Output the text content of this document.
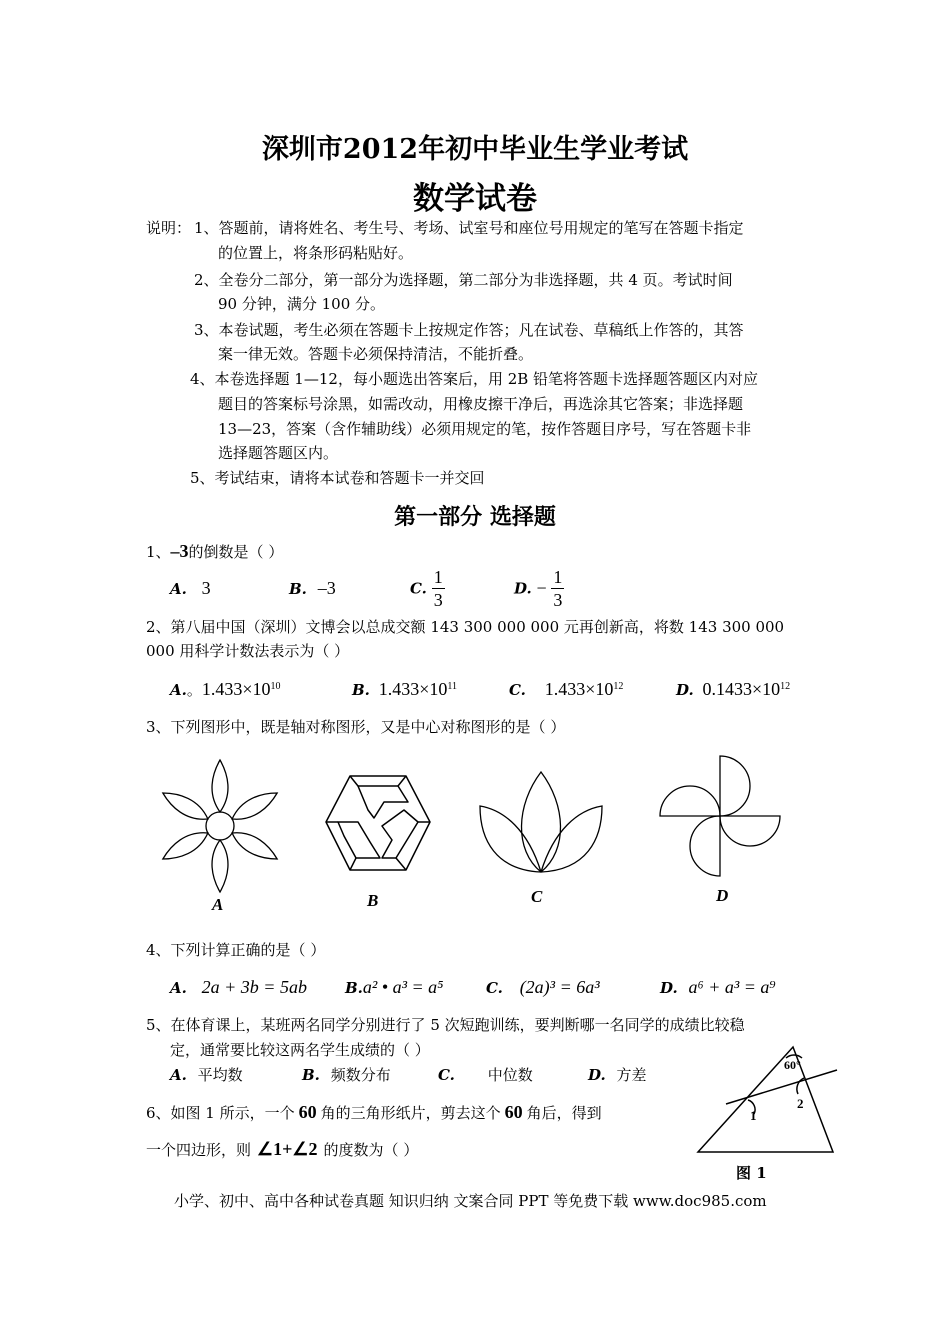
深圳市2012年初中毕业生学业考试
数学试卷
说明： 1、答题前，请将姓名、考生号、考场、试室号和座位号用规定的笔写在答题卡指定
的位置上，将条形码粘贴好。
2、全卷分二部分，第一部分为选择题，第二部分为非选择题，共 4 页。考试时间
90 分钟，满分 100 分。
3、本卷试题，考生必须在答题卡上按规定作答；凡在试卷、草稿纸上作答的，其答
案一律无效。答题卡必须保持清洁，不能折叠。
4、本卷选择题 1—12，每小题选出答案后，用 2B 铅笔将答题卡选择题答题区内对应
题目的答案标号涂黑，如需改动，用橡皮擦干净后，再选涂其它答案；非选择题
13—23，答案（含作辅助线）必须用规定的笔，按作答题目序号，写在答题卡非
选择题答题区内。
5、考试结束，请将本试卷和答题卡一并交回
第一部分 选择题
1、–3的倒数是（ ）
A. 3	B. –3	C. $\frac{1}{3}$	D. − $\frac{1}{3}$
2、第八届中国（深圳）文博会以总成交额 143 300 000 000 元再创新高，将数 143 300 000
000 用科学计数法表示为（ ）
A.。$1.433\times 10^{10}$	B. $1.433\times 10^{11}$	C. $1.433\times 10^{12}$	D. $0.1433\times 10^{12}$
3、下列图形中，既是轴对称图形，又是中心对称图形的是（ ）
A	B	C	D
4、下列计算正确的是（ ）
A. 2a + 3b = 5ab	B.a² • a³ = a⁵	C. (2a)³ = 6a³	D. a⁶ + a³ = a⁹
5、在体育课上，某班两名同学分别进行了 5 次短跑训练，要判断哪一名同学的成绩比较稳
定，通常要比较这两名学生成绩的（ ）
A. 平均数	B. 频数分布	C. 中位数	D. 方差
6、如图 1 所示，一个 60 角的三角形纸片，剪去这个 60 角后，得到
一个四边形，则 ∠1+∠2 的度数为（ ）
60°
1
2
图 1
小学、初中、高中各种试卷真题 知识归纳 文案合同 PPT 等免费下载 www.doc985.com
